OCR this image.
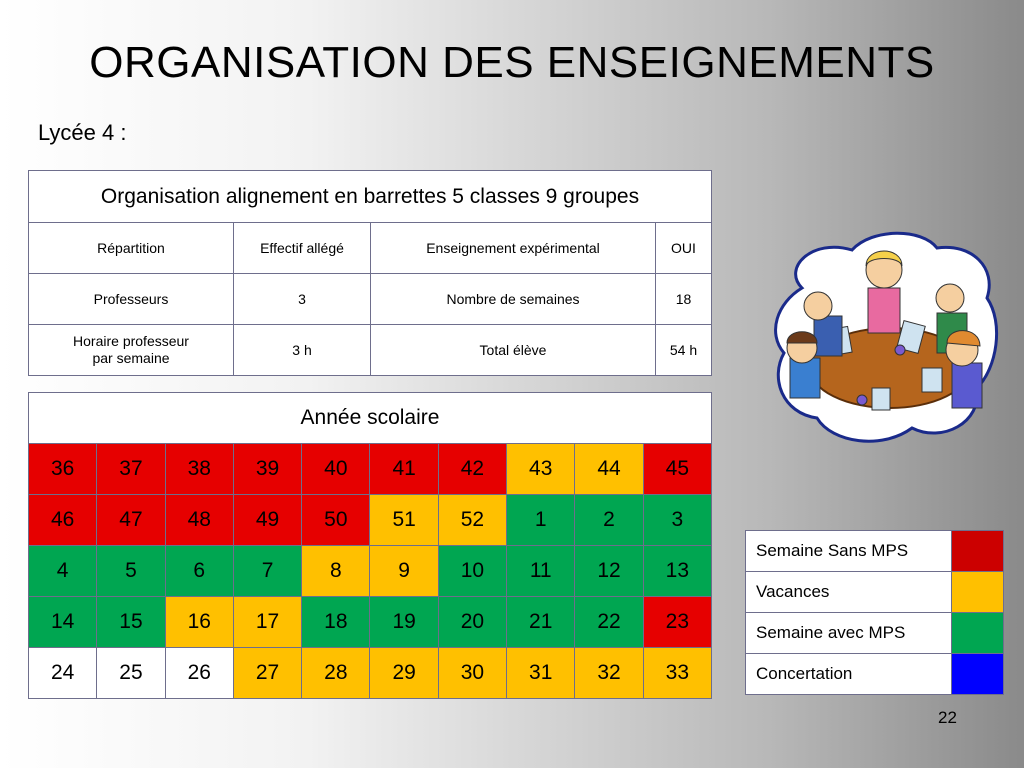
ORGANISATION DES ENSEIGNEMENTS
Lycée 4 :
Organisation alignement en barrettes 5 classes 9 groupes			
Répartition	Effectif allégé	Enseignement expérimental	OUI
Professeurs	3	Nombre de semaines	18
Horaire professeur par semaine	3 h	Total élève	54 h
Année scolaire									
36	37	38	39	40	41	42	43	44	45
46	47	48	49	50	51	52	1	2	3
4	5	6	7	8	9	10	11	12	13
14	15	16	17	18	19	20	21	22	23
24	25	26	27	28	29	30	31	32	33
Semaine Sans MPS	
Vacances	
Semaine avec MPS	
Concertation	
22
